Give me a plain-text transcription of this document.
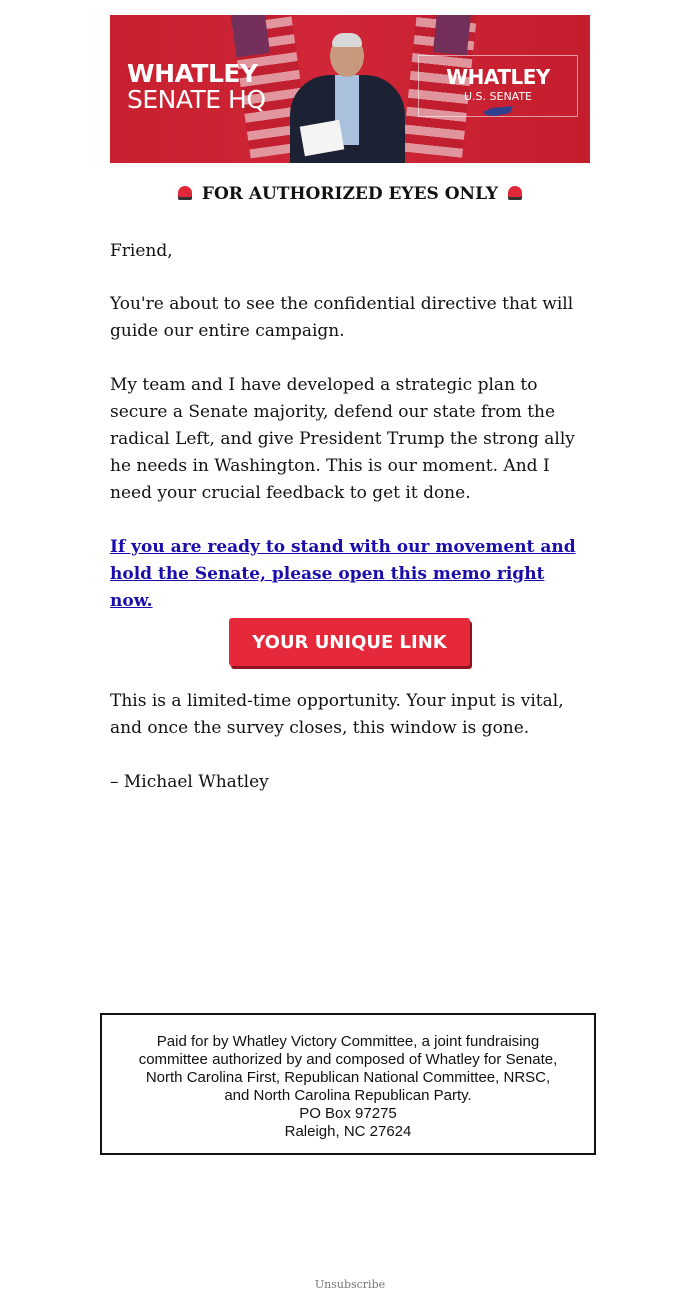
WHATLEY
SENATE HQ
WHATLEY
U.S. SENATE
FOR AUTHORIZED EYES ONLY

Friend,

You're about to see the confidential directive that will guide our entire campaign.

My team and I have developed a strategic plan to secure a Senate majority, defend our state from the radical Left, and give President Trump the strong ally he needs in Washington. This is our moment. And I need your crucial feedback to get it done.

If you are ready to stand with our movement and hold the Senate, please open this memo right now.
YOUR UNIQUE LINK

This is a limited-time opportunity. Your input is vital, and once the survey closes, this window is gone.

– Michael Whatley

Paid for by Whatley Victory Committee, a joint fundraising
committee authorized by and composed of Whatley for Senate,
North Carolina First, Republican National Committee, NRSC,
and North Carolina Republican Party.
PO Box 97275
Raleigh, NC 27624
Unsubscribe
